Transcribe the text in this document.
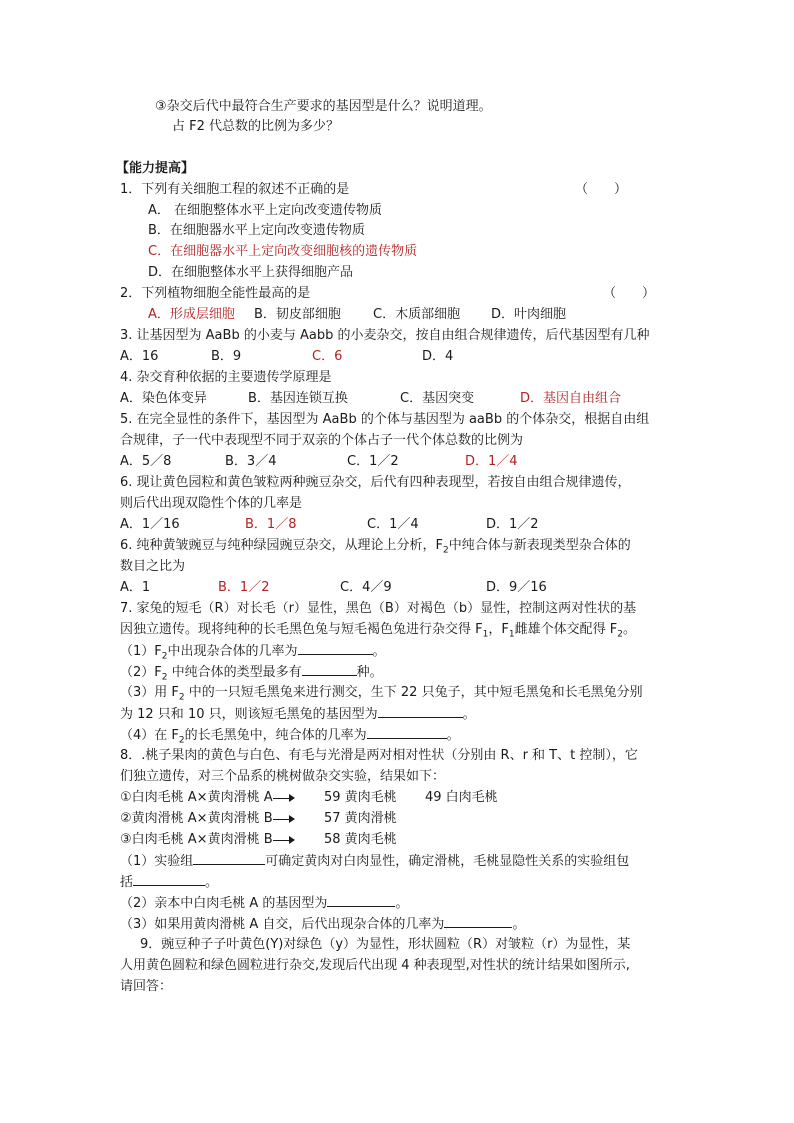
③杂交后代中最符合生产要求的基因型是什么？说明道理。
占 F2 代总数的比例为多少？
【能力提高】
1．下列有关细胞工程的叙述不正确的是	（　　）
A． 在细胞整体水平上定向改变遗传物质
B．在细胞器水平上定向改变遗传物质
C．在细胞器水平上定向改变细胞核的遗传物质
D．在细胞整体水平上获得细胞产品
2．下列植物细胞全能性最高的是	（　　）
A．形成层细胞 B．韧皮部细胞 C．木质部细胞 D．叶肉细胞
3. 让基因型为 AaBb 的小麦与 Aabb 的小麦杂交，按自由组合规律遗传，后代基因型有几种
A．16	B．9	C．6	D．4
4. 杂交育种依据的主要遗传学原理是
A．染色体变异	B．基因连锁互换	C．基因突变	D．基因自由组合
5. 在完全显性的条件下，基因型为 AaBb 的个体与基因型为 aaBb 的个体杂交，根据自由组
合规律，子一代中表现型不同于双亲的个体占子一代个体总数的比例为
A．5／8	B．3／4	C．1／2	D．1／4
6. 现让黄色园粒和黄色皱粒两种豌豆杂交，后代有四种表现型，若按自由组合规律遗传，
则后代出现双隐性个体的几率是
A．1／16	B．1／8	C．1／4	D．1／2
6. 纯种黄皱豌豆与纯种绿园豌豆杂交，从理论上分析，$F_2$中纯合体与新表现类型杂合体的
数目之比为
A．1	B．1／2	C．4／9	D．9／16
7. 家兔的短毛（R）对长毛（r）显性，黑色（B）对褐色（b）显性，控制这两对性状的基
因独立遗传。现将纯种的长毛黑色兔与短毛褐色兔进行杂交得 $F_1$，$F_1$雌雄个体交配得 $F_2$。
$(1)F_2$中出现杂合体的几率为	。
$(2)F_2$ 中纯合体的类型最多有	种。
（3）用 $F_2$ 中的一只短毛黑兔来进行测交，生下 22 只兔子，其中短毛黑兔和长毛黑兔分别
为 12 只和 10 只，则该短毛黑兔的基因型为	。
（4）在 $F_2$的长毛黑兔中，纯合体的几率为	。
8．.桃子果肉的黄色与白色、有毛与光滑是两对相对性状（分别由 R、r 和 T、t 控制），它
们独立遗传，对三个品系的桃树做杂交实验，结果如下：
①白肉毛桃 A×黄肉滑桃 A	59 黄肉毛桃 49 白肉毛桃
②黄肉滑桃 A×黄肉滑桃 B	57 黄肉滑桃
③白肉毛桃 A×黄肉滑桃 B	58 黄肉毛桃
（1）实验组	可确定黄肉对白肉显性，确定滑桃，毛桃显隐性关系的实验组包
括	。
（2）亲本中白肉毛桃 A 的基因型为	。
（3）如果用黄肉滑桃 A 自交，后代出现杂合体的几率为	。
9．豌豆种子子叶黄色(Y)对绿色（y）为显性，形状圆粒（R）对皱粒（r）为显性，某
人用黄色圆粒和绿色圆粒进行杂交,发现后代出现 4 种表现型,对性状的统计结果如图所示,
请回答：
